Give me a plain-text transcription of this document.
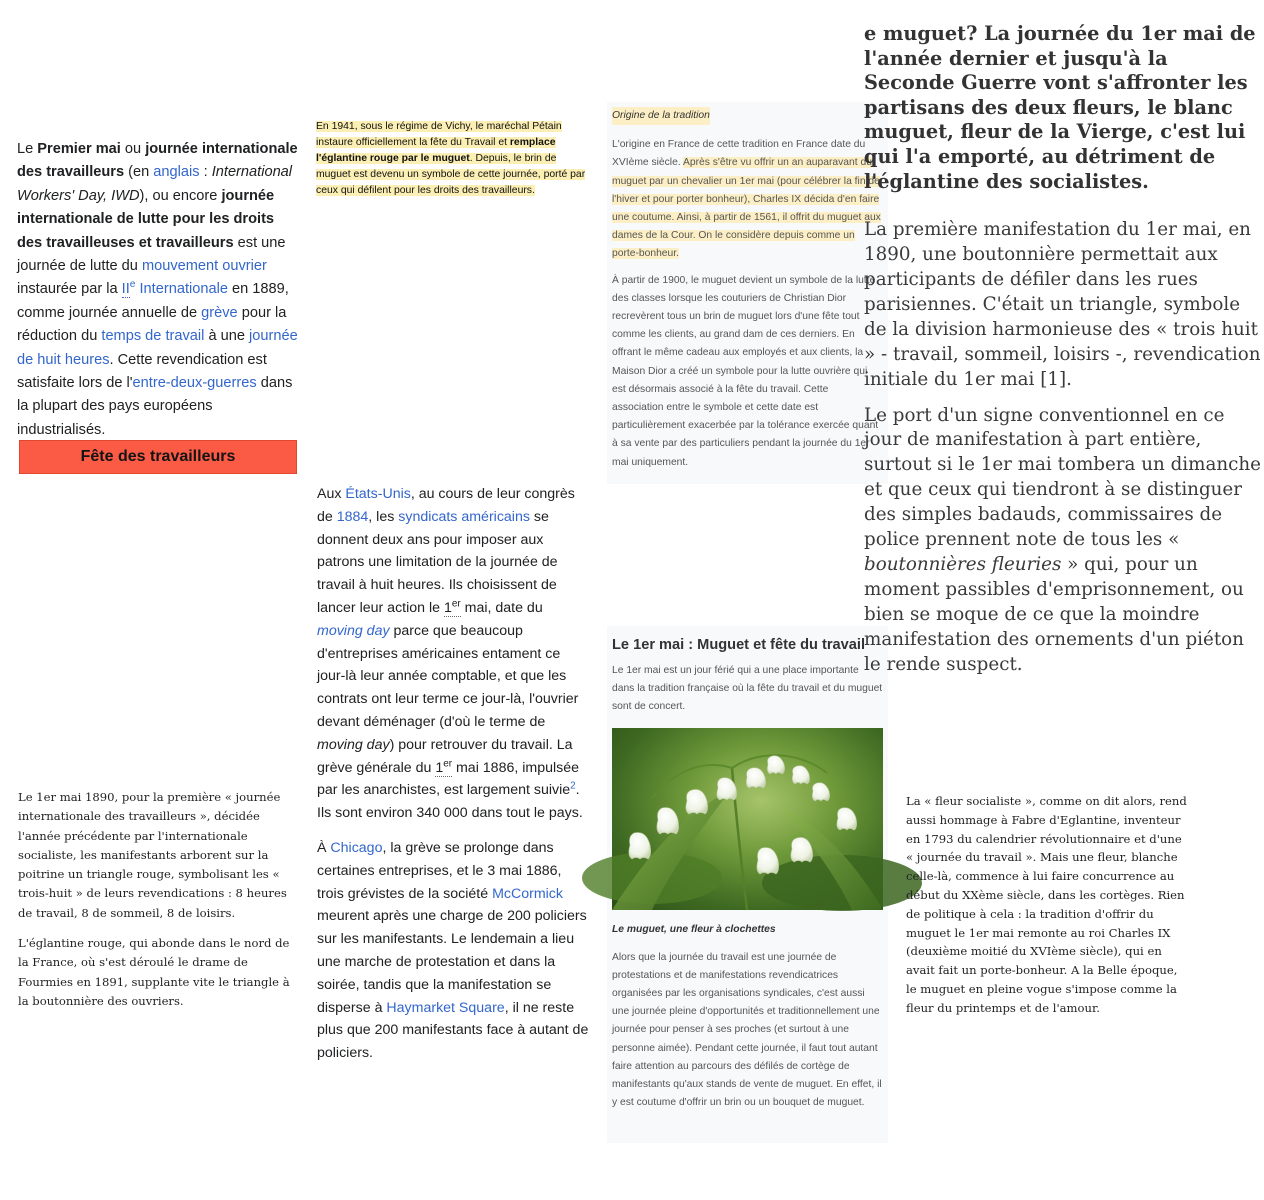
Le Premier mai ou journée internationale des travailleurs (en anglais : International Workers' Day, IWD), ou encore journée internationale de lutte pour les droits des travailleuses et travailleurs est une journée de lutte du mouvement ouvrier instaurée par la IIe Internationale en 1889, comme journée annuelle de grève pour la réduction du temps de travail à une journée de huit heures. Cette revendication est satisfaite lors de l'entre-deux-guerres dans la plupart des pays européens industrialisés.

Fête des travailleurs

Le 1er mai 1890, pour la première « journée internationale des travailleurs », décidée l'année précédente par l'internationale socialiste, les manifestants arborent sur la poitrine un triangle rouge, symbolisant les « trois-huit » de leurs revendications : 8 heures de travail, 8 de sommeil, 8 de loisirs.

L'églantine rouge, qui abonde dans le nord de la France, où s'est déroulé le drame de Fourmies en 1891, supplante vite le triangle à la boutonnière des ouvriers.

En 1941, sous le régime de Vichy, le maréchal Pétain instaure officiellement la fête du Travail et remplace l'églantine rouge par le muguet. Depuis, le brin de muguet est devenu un symbole de cette journée, porté par ceux qui défilent pour les droits des travailleurs.

Aux États-Unis, au cours de leur congrès de 1884, les syndicats américains se donnent deux ans pour imposer aux patrons une limitation de la journée de travail à huit heures. Ils choisissent de lancer leur action le 1er mai, date du moving day parce que beaucoup d'entreprises américaines entament ce jour-là leur année comptable, et que les contrats ont leur terme ce jour-là, l'ouvrier devant déménager (d'où le terme de moving day) pour retrouver du travail. La grève générale du 1er mai 1886, impulsée par les anarchistes, est largement suivie$^2$. Ils sont environ 340 000 dans tout le pays.

À Chicago, la grève se prolonge dans certaines entreprises, et le 3 mai 1886, trois grévistes de la société McCormick meurent après une charge de 200 policiers sur les manifestants. Le lendemain a lieu une marche de protestation et dans la soirée, tandis que la manifestation se disperse à Haymarket Square, il ne reste plus que 200 manifestants face à autant de policiers.

Origine de la tradition

L'origine en France de cette tradition en France date du XVIème siècle. Après s'être vu offrir un an auparavant du muguet par un chevalier un 1er mai (pour célébrer la fin de l'hiver et pour porter bonheur), Charles IX décida d'en faire une coutume. Ainsi, à partir de 1561, il offrit du muguet aux dames de la Cour. On le considère depuis comme un porte-bonheur.

À partir de 1900, le muguet devient un symbole de la lutte des classes lorsque les couturiers de Christian Dior recrevèrent tous un brin de muguet lors d'une fête tout comme les clients, au grand dam de ces derniers. En offrant le même cadeau aux employés et aux clients, la Maison Dior a créé un symbole pour la lutte ouvrière qui est désormais associé à la fête du travail. Cette association entre le symbole et cette date est particulièrement exacerbée par la tolérance exercée quant à sa vente par des particuliers pendant la journée du 1er mai uniquement.

Le 1er mai : Muguet et fête du travail

Le 1er mai est un jour férié qui a une place importante dans la tradition française où la fête du travail et du muguet sont de concert.

Le muguet, une fleur à clochettes

Alors que la journée du travail est une journée de protestations et de manifestations revendicatrices organisées par les organisations syndicales, c'est aussi une journée pleine d'opportunités et traditionnellement une journée pour penser à ses proches (et surtout à une personne aimée). Pendant cette journée, il faut tout autant faire attention au parcours des défilés de cortège de manifestants qu'aux stands de vente de muguet. En effet, il y est coutume d'offrir un brin ou un bouquet de muguet.

e muguet? La journée du 1er mai de l'année dernier et jusqu'à la Seconde Guerre vont s'affronter les partisans des deux fleurs, le blanc muguet, fleur de la Vierge, c'est lui qui l'a emporté, au détriment de l'églantine des socialistes.

La première manifestation du 1er mai, en 1890, une boutonnière permettait aux participants de défiler dans les rues parisiennes. C'était un triangle, symbole de la division harmonieuse des « trois huit » - travail, sommeil, loisirs -, revendication initiale du 1er mai [1].

Le port d'un signe conventionnel en ce jour de manifestation à part entière, surtout si le 1er mai tombera un dimanche et que ceux qui tiendront à se distinguer des simples badauds, commissaires de police prennent note de tous les « boutonnières fleuries » qui, pour un moment passibles d'emprisonnement, ou bien se moque de ce que la moindre manifestation des ornements d'un piéton le rende suspect.

La « fleur socialiste », comme on dit alors, rend aussi hommage à Fabre d'Eglantine, inventeur en 1793 du calendrier révolutionnaire et d'une « journée du travail ». Mais une fleur, blanche celle-là, commence à lui faire concurrence au début du XXème siècle, dans les cortèges. Rien de politique à cela : la tradition d'offrir du muguet le 1er mai remonte au roi Charles IX (deuxième moitié du XVIème siècle), qui en avait fait un porte-bonheur. A la Belle époque, le muguet en pleine vogue s'impose comme la fleur du printemps et de l'amour.
